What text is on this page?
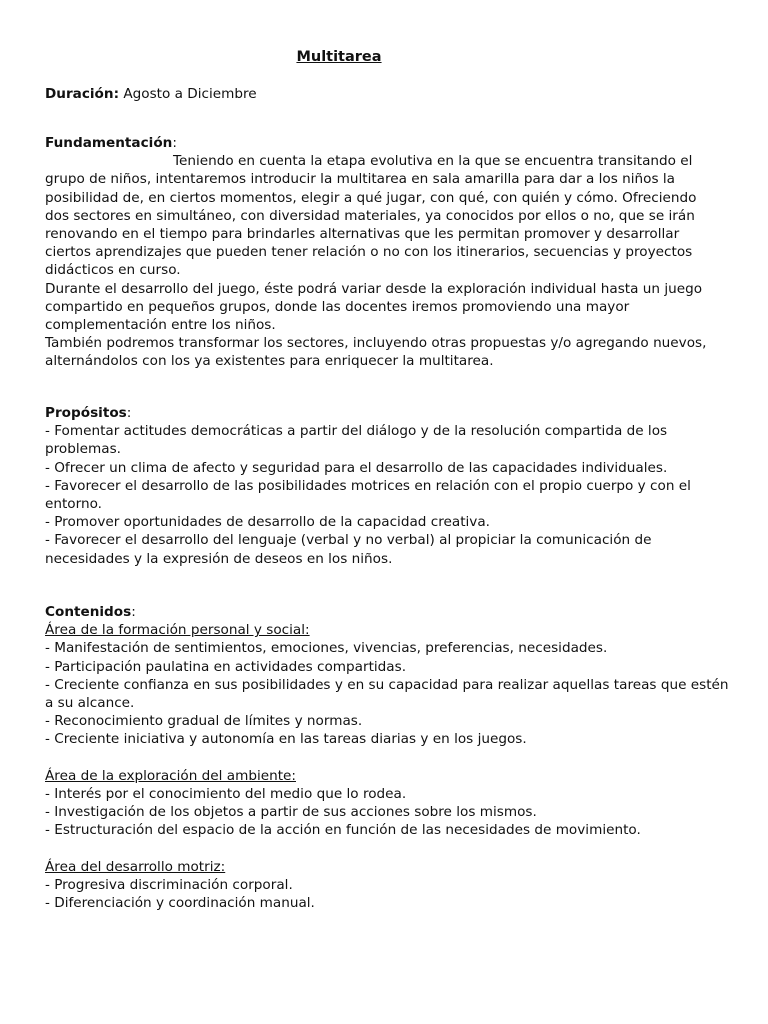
Multitarea
Duración: Agosto a Diciembre
Fundamentación:

Teniendo en cuenta la etapa evolutiva en la que se encuentra transitando el

grupo de niños, intentaremos introducir la multitarea en sala amarilla para dar a los niños la

posibilidad de, en ciertos momentos, elegir a qué jugar, con qué, con quién y cómo. Ofreciendo

dos sectores en simultáneo, con diversidad materiales, ya conocidos por ellos o no, que se irán

renovando en el tiempo para brindarles alternativas que les permitan promover y desarrollar

ciertos aprendizajes que pueden tener relación o no con los itinerarios, secuencias y proyectos

didácticos en curso.

Durante el desarrollo del juego, éste podrá variar desde la exploración individual hasta un juego

compartido en pequeños grupos, donde las docentes iremos promoviendo una mayor

complementación entre los niños.

También podremos transformar los sectores, incluyendo otras propuestas y/o agregando nuevos,

alternándolos con los ya existentes para enriquecer la multitarea.

Propósitos:

- Fomentar actitudes democráticas a partir del diálogo y de la resolución compartida de los

problemas.

- Ofrecer un clima de afecto y seguridad para el desarrollo de las capacidades individuales.

- Favorecer el desarrollo de las posibilidades motrices en relación con el propio cuerpo y con el

entorno.

- Promover oportunidades de desarrollo de la capacidad creativa.

- Favorecer el desarrollo del lenguaje (verbal y no verbal) al propiciar la comunicación de

necesidades y la expresión de deseos en los niños.

Contenidos:

Área de la formación personal y social:

- Manifestación de sentimientos, emociones, vivencias, preferencias, necesidades.

- Participación paulatina en actividades compartidas.

- Creciente confianza en sus posibilidades y en su capacidad para realizar aquellas tareas que estén

a su alcance.

- Reconocimiento gradual de límites y normas.

- Creciente iniciativa y autonomía en las tareas diarias y en los juegos.

Área de la exploración del ambiente:

- Interés por el conocimiento del medio que lo rodea.

- Investigación de los objetos a partir de sus acciones sobre los mismos.

- Estructuración del espacio de la acción en función de las necesidades de movimiento.

Área del desarrollo motriz:

- Progresiva discriminación corporal.

- Diferenciación y coordinación manual.
